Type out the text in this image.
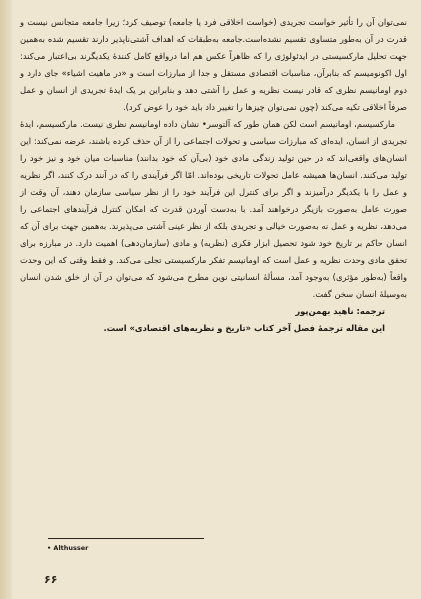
نمی‌توان آن را تأثیر خواست تجریدی (خواست اخلاقی فرد یا جامعه) توصیف کرد؛ زیرا جامعه متجانس نیست و قدرت در آن به‌طور متساوی تقسیم نشده‌است.جامعه به‌طبقات که اهداف آشتی‌ناپذیر دارند تقسیم شده به‌همین جهت تحلیل مارکسیستی در ایدئولوژی را که ظاهراً عکس هم اما درواقع کامل کنندهٔ یکدیگرند بی‌اعتبار می‌کند: اول اکونومیسم که بنابرآن، مناسبات اقتصادی مستقل و جدا از مبارزات است و «در ماهیت اشیاء» جای دارد و دوم اومانیسم نظری که قادر نیست نظریه و عمل را آشتی دهد و بنابراین بر یک ایدهٔ تجریدی از انسان و عمل صرفاً اخلاقی تکیه می‌کند (چون نمی‌توان چیزها را تغییر داد باید خود را عوض کرد).

مارکسیسم، اومانیسم است لکن همان طور که آلتوسر• نشان داده اومانیسم نظری نیست. مارکسیسم، ایدهٔ تجریدی از انسان، ایده‌ای که مبارزات سیاسی و تحولات اجتماعی را از آن حذف کرده باشند، عرضه نمی‌کند: این انسان‌های واقعی‌اند که در حین تولید زندگی مادی خود (بی‌آن که خود بدانند) مناسبات میان خود و نیز خود را تولید می‌کنند. انسان‌ها همیشه عامل تحولات تاریخی بوده‌اند. امّا اگر فرآیندی را که در آنند درک کنند، اگر نظریه و عمل را با یکدیگر درآمیزند و اگر برای کنترل این فرآیند خود را از نظر سیاسی سازمان دهند، آن وقت از صورت عامل به‌صورت بازیگر درخواهند آمد. با به‌دست آوردن قدرت که امکان کنترل فرآیندهای اجتماعی را می‌دهد، نظریه و عمل نه به‌صورت خیالی و تجریدی بلکه از نظر عینی آشتی می‌پذیرند. به‌همین جهت برای آن که انسان حاکم بر تاریخ خود شود تحصیل ابزار فکری (نظریه) و مادی (سازمان‌دهی) اهمیت دارد. در مبارزه برای تحقق مادی وحدت نظریه و عمل است که اومانیسم تفکر مارکسیستی تجلی می‌کند. و فقط وقتی که این وحدت واقعاً (به‌طور مؤثری) به‌وجود آمد، مسألهٔ انسانیتی نوین مطرح می‌شود که می‌توان در آن از خلق شدن انسان به‌وسیلهٔ انسان سخن گفت.

ترجمه: ناهید بهمن‌پور

این مقاله ترجمهٔ فصل آخر کتاب «تاریخ و نظریه‌های اقتصادی» است.

• Althusser
۶۶
